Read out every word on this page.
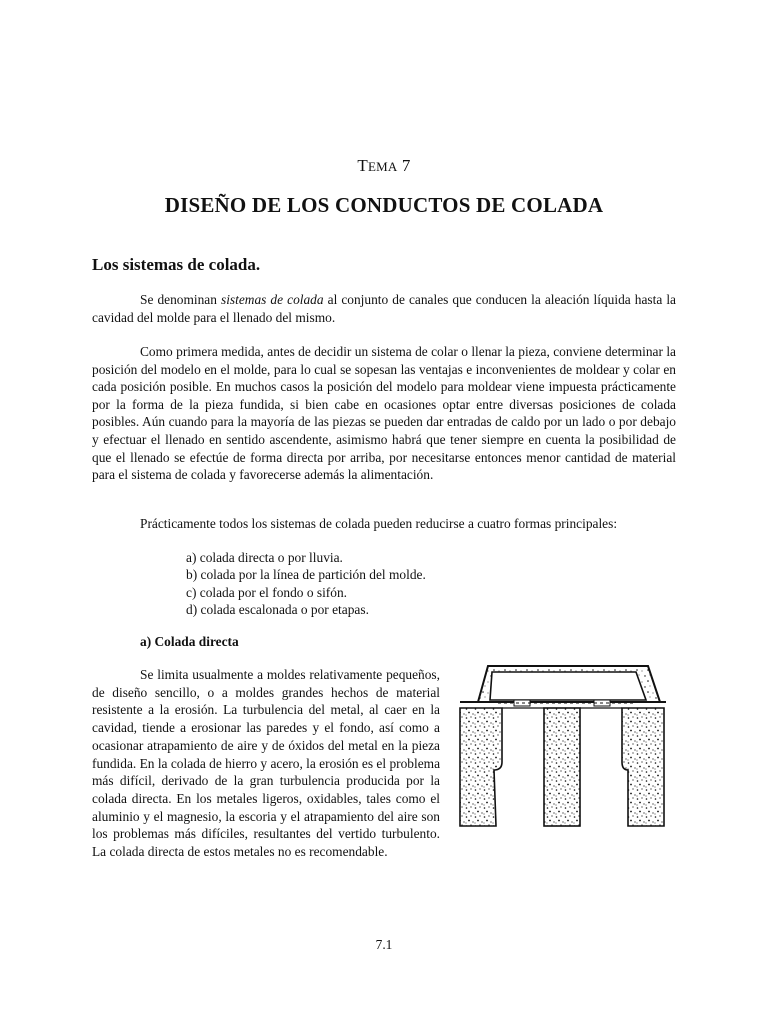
TEMA 7
DISEÑO DE LOS CONDUCTOS DE COLADA
Los sistemas de colada.

Se denominan sistemas de colada al conjunto de canales que conducen la aleación líquida hasta la cavidad del molde para el llenado del mismo.

Como primera medida, antes de decidir un sistema de colar o llenar la pieza, conviene determinar la posición del modelo en el molde, para lo cual se sopesan las ventajas e inconvenientes de moldear y colar en cada posición posible. En muchos casos la posición del modelo para moldear viene impuesta prácticamente por la forma de la pieza fundida, si bien cabe en ocasiones optar entre diversas posiciones de colada posibles. Aún cuando para la mayoría de las piezas se pueden dar entradas de caldo por un lado o por debajo y efectuar el llenado en sentido ascendente, asimismo habrá que tener siempre en cuenta la posibilidad de que el llenado se efectúe de forma directa por arriba, por necesitarse entonces menor cantidad de material para el sistema de colada y favorecerse además la alimentación.

Prácticamente todos los sistemas de colada pueden reducirse a cuatro formas principales:

a) colada directa o por lluvia.
b) colada por la línea de partición del molde.
c) colada por el fondo o sifón.
d) colada escalonada o por etapas.
a) Colada directa

Se limita usualmente a moldes relativamente pequeños, de diseño sencillo, o a moldes grandes hechos de material resistente a la erosión. La turbulencia del metal, al caer en la cavidad, tiende a erosionar las paredes y el fondo, así como a ocasionar atrapamiento de aire y de óxidos del metal en la pieza fundida. En la colada de hierro y acero, la erosión es el problema más difícil, derivado de la gran turbulencia producida por la colada directa. En los metales ligeros, oxidables, tales como el aluminio y el magnesio, la escoria y el atrapamiento del aire son los problemas más difíciles, resultantes del vertido turbulento. La colada directa de estos metales no es recomendable.

7.1
